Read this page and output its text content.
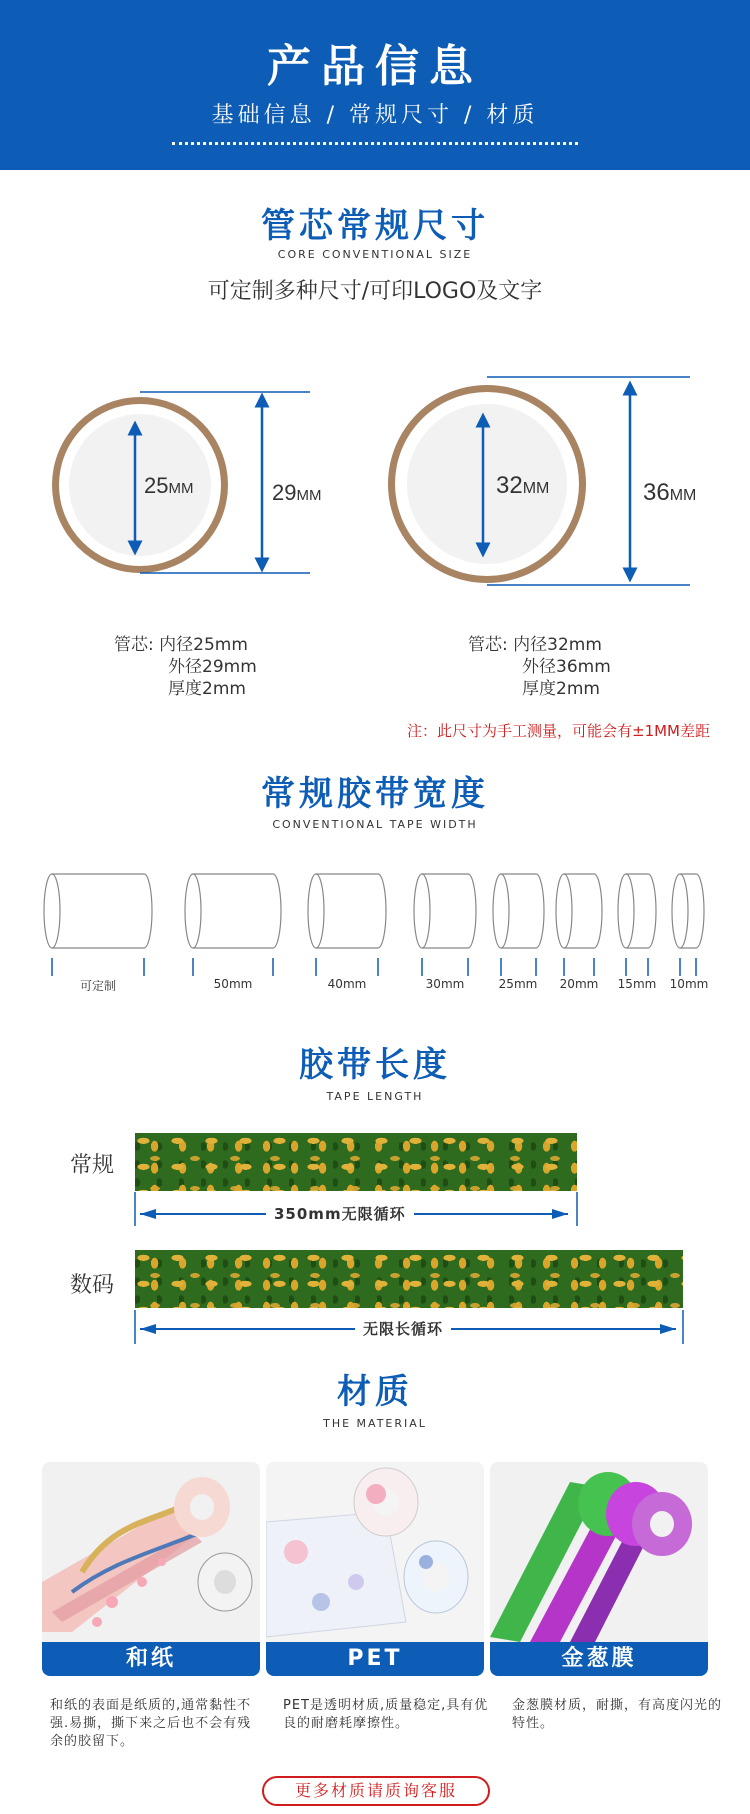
产品信息
基础信息 / 常规尺寸 / 材质
管芯常规尺寸
CORE CONVENTIONAL SIZE
可定制多种尺寸/可印LOGO及文字
25MM	29MM	32MM	36MM
管芯: 内径25mm
外径29mm
厚度2mm
管芯: 内径32mm
外径36mm
厚度2mm
注：此尺寸为手工测量，可能会有±1MM差距
常规胶带宽度
CONVENTIONAL TAPE WIDTH
可定制	50mm	40mm	30mm	25mm	20mm	15mm	10mm
胶带长度
TAPE LENGTH
常规
350mm无限循环
数码
无限长循环
材质
THE MATERIAL
和纸	PET	金葱膜
和纸的表面是纸质的,通常黏性不强.易撕，撕下来之后也不会有残余的胶留下。
PET是透明材质,质量稳定,具有优良的耐磨耗摩擦性。
金葱膜材质，耐撕，有高度闪光的特性。
更多材质请质询客服
